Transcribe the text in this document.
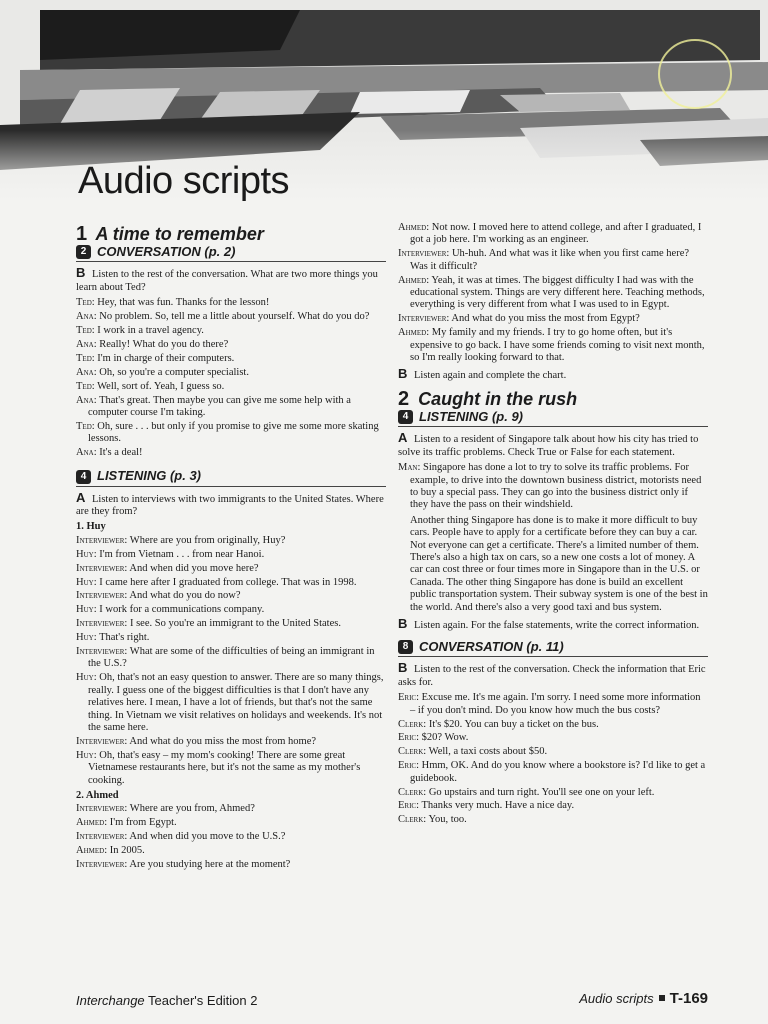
Audio scripts
1 A time to remember
2 CONVERSATION (p. 2)
B Listen to the rest of the conversation. What are two more things you learn about Ted?

Ted: Hey, that was fun. Thanks for the lesson!

Ana: No problem. So, tell me a little about yourself. What do you do?

Ted: I work in a travel agency.

Ana: Really! What do you do there?

Ted: I'm in charge of their computers.

Ana: Oh, so you're a computer specialist.

Ted: Well, sort of. Yeah, I guess so.

Ana: That's great. Then maybe you can give me some help with a computer course I'm taking.

Ted: Oh, sure . . . but only if you promise to give me some more skating lessons.

Ana: It's a deal!

4 LISTENING (p. 3)
A Listen to interviews with two immigrants to the United States. Where are they from?
1. Huy

Interviewer: Where are you from originally, Huy?

Huy: I'm from Vietnam . . . from near Hanoi.

Interviewer: And when did you move here?

Huy: I came here after I graduated from college. That was in 1998.

Interviewer: And what do you do now?

Huy: I work for a communications company.

Interviewer: I see. So you're an immigrant to the United States.

Huy: That's right.

Interviewer: What are some of the difficulties of being an immigrant in the U.S.?

Huy: Oh, that's not an easy question to answer. There are so many things, really. I guess one of the biggest difficulties is that I don't have any relatives here. I mean, I have a lot of friends, but that's not the same thing. In Vietnam we visit relatives on holidays and weekends. It's not the same here.

Interviewer: And what do you miss the most from home?

Huy: Oh, that's easy – my mom's cooking! There are some great Vietnamese restaurants here, but it's not the same as my mother's cooking.

2. Ahmed

Interviewer: Where are you from, Ahmed?

Ahmed: I'm from Egypt.

Interviewer: And when did you move to the U.S.?

Ahmed: In 2005.

Interviewer: Are you studying here at the moment?

Ahmed: Not now. I moved here to attend college, and after I graduated, I got a job here. I'm working as an engineer.

Interviewer: Uh-huh. And what was it like when you first came here? Was it difficult?

Ahmed: Yeah, it was at times. The biggest difficulty I had was with the educational system. Things are very different here. Teaching methods, everything is very different from what I was used to in Egypt.

Interviewer: And what do you miss the most from Egypt?

Ahmed: My family and my friends. I try to go home often, but it's expensive to go back. I have some friends coming to visit next month, so I'm really looking forward to that.

B Listen again and complete the chart.
2 Caught in the rush
4 LISTENING (p. 9)
A Listen to a resident of Singapore talk about how his city has tried to solve its traffic problems. Check True or False for each statement.

Man: Singapore has done a lot to try to solve its traffic problems. For example, to drive into the downtown business district, motorists need to buy a special pass. They can go into the business district only if they have the pass on their windshield.

Another thing Singapore has done is to make it more difficult to buy cars. People have to apply for a certificate before they can buy a car. Not everyone can get a certificate. There's a limited number of them. There's also a high tax on cars, so a new one costs a lot of money. A car can cost three or four times more in Singapore than in the U.S. or Canada. The other thing Singapore has done is build an excellent public transportation system. Their subway system is one of the best in the world. And there's also a very good taxi and bus system.

B Listen again. For the false statements, write the correct information.
8 CONVERSATION (p. 11)
B Listen to the rest of the conversation. Check the information that Eric asks for.

Eric: Excuse me. It's me again. I'm sorry. I need some more information – if you don't mind. Do you know how much the bus costs?

Clerk: It's $20. You can buy a ticket on the bus.

Eric: $20? Wow.

Clerk: Well, a taxi costs about $50.

Eric: Hmm, OK. And do you know where a bookstore is? I'd like to get a guidebook.

Clerk: Go upstairs and turn right. You'll see one on your left.

Eric: Thanks very much. Have a nice day.

Clerk: You, too.

Interchange Teacher's Edition 2	Audio scripts T-169
